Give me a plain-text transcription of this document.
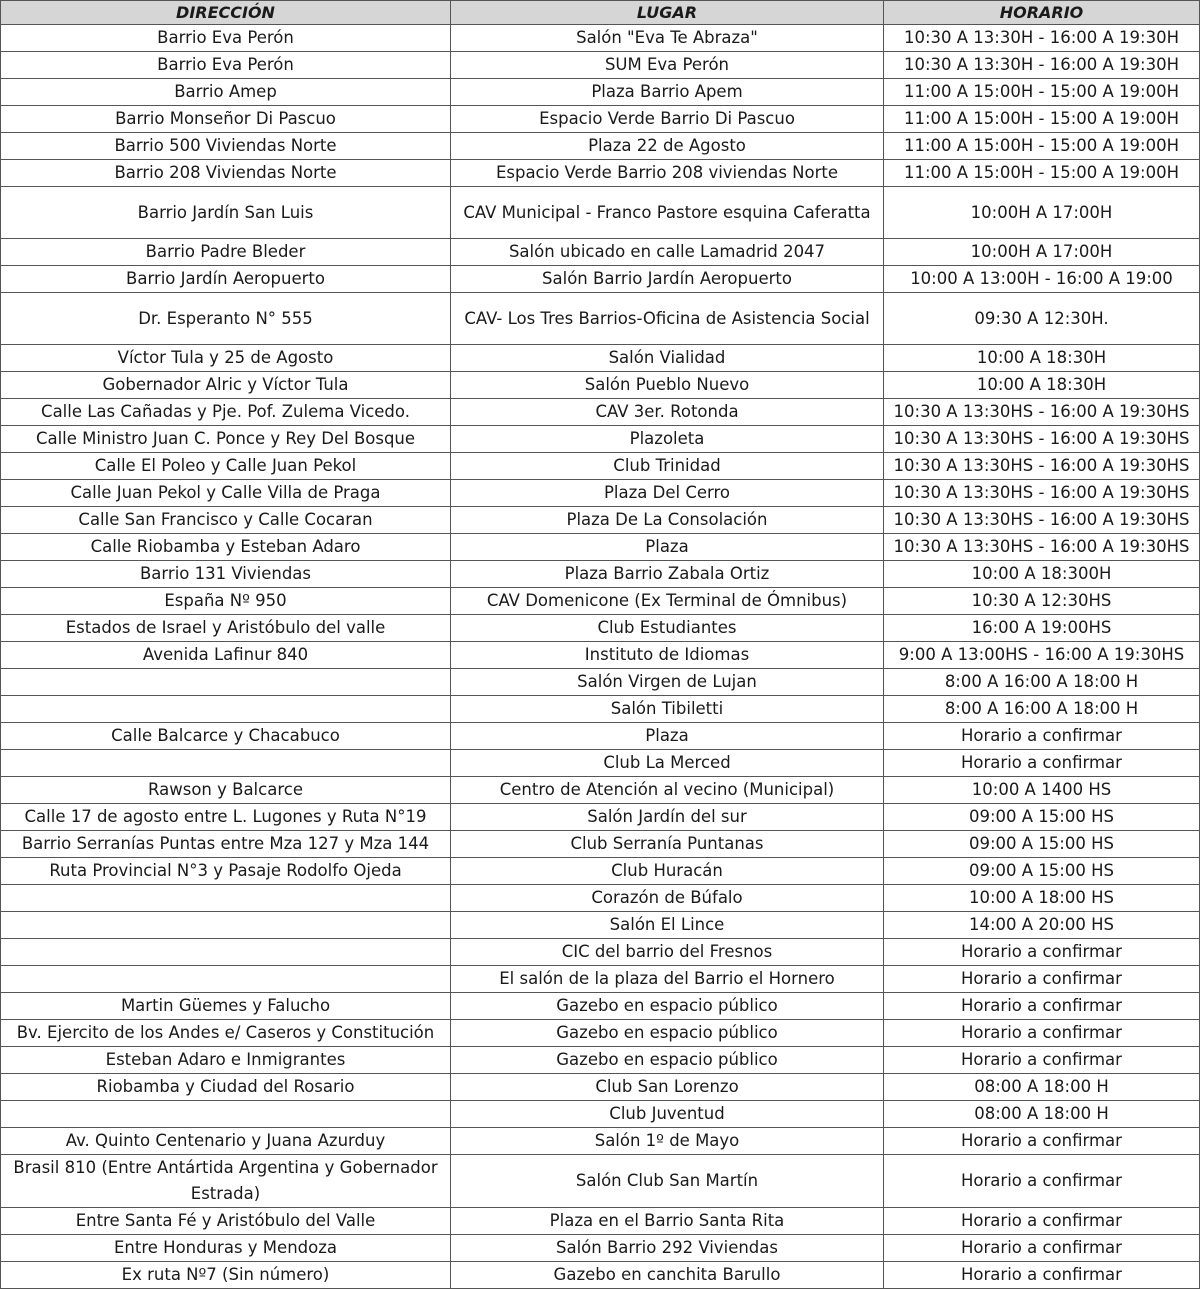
DIRECCIÓN	LUGAR	HORARIO
Barrio Eva Perón	Salón "Eva Te Abraza"	10:30 A 13:30H - 16:00 A 19:30H
Barrio Eva Perón	SUM Eva Perón	10:30 A 13:30H - 16:00 A 19:30H
Barrio Amep	Plaza Barrio Apem	11:00 A 15:00H - 15:00 A 19:00H
Barrio Monseñor Di Pascuo	Espacio Verde Barrio Di Pascuo	11:00 A 15:00H - 15:00 A 19:00H
Barrio 500 Viviendas Norte	Plaza 22 de Agosto	11:00 A 15:00H - 15:00 A 19:00H
Barrio 208 Viviendas Norte	Espacio Verde Barrio 208 viviendas Norte	11:00 A 15:00H - 15:00 A 19:00H
Barrio Jardín San Luis	CAV Municipal - Franco Pastore esquina Caferatta	10:00H A 17:00H
Barrio Padre Bleder	Salón ubicado en calle Lamadrid 2047	10:00H A 17:00H
Barrio Jardín Aeropuerto	Salón Barrio Jardín Aeropuerto	10:00 A 13:00H - 16:00 A 19:00
Dr. Esperanto N° 555	CAV- Los Tres Barrios-Oficina de Asistencia Social	09:30 A 12:30H.
Víctor Tula y 25 de Agosto	Salón Vialidad	10:00 A 18:30H
Gobernador Alric y Víctor Tula	Salón Pueblo Nuevo	10:00 A 18:30H
Calle Las Cañadas y Pje. Pof. Zulema Vicedo.	CAV 3er. Rotonda	10:30 A 13:30HS - 16:00 A 19:30HS
Calle Ministro Juan C. Ponce y Rey Del Bosque	Plazoleta	10:30 A 13:30HS - 16:00 A 19:30HS
Calle El Poleo y Calle Juan Pekol	Club Trinidad	10:30 A 13:30HS - 16:00 A 19:30HS
Calle Juan Pekol y Calle Villa de Praga	Plaza Del Cerro	10:30 A 13:30HS - 16:00 A 19:30HS
Calle San Francisco y Calle Cocaran	Plaza De La Consolación	10:30 A 13:30HS - 16:00 A 19:30HS
Calle Riobamba y Esteban Adaro	Plaza	10:30 A 13:30HS - 16:00 A 19:30HS
Barrio 131 Viviendas	Plaza Barrio Zabala Ortiz	10:00 A 18:300H
España Nº 950	CAV Domenicone (Ex Terminal de Ómnibus)	10:30 A 12:30HS
Estados de Israel y Aristóbulo del valle	Club Estudiantes	16:00 A 19:00HS
Avenida Lafinur 840	Instituto de Idiomas	9:00 A 13:00HS - 16:00 A 19:30HS
	Salón Virgen de Lujan	8:00 A 16:00 A 18:00 H
	Salón Tibiletti	8:00 A 16:00 A 18:00 H
Calle Balcarce y Chacabuco	Plaza	Horario a confirmar
	Club La Merced	Horario a confirmar
Rawson y Balcarce	Centro de Atención al vecino (Municipal)	10:00 A 1400 HS
Calle 17 de agosto entre L. Lugones y Ruta N°19	Salón Jardín del sur	09:00 A 15:00 HS
Barrio Serranías Puntas entre Mza 127 y Mza 144	Club Serranía Puntanas	09:00 A 15:00 HS
Ruta Provincial N°3 y Pasaje Rodolfo Ojeda	Club Huracán	09:00 A 15:00 HS
	Corazón de Búfalo	10:00 A 18:00 HS
	Salón El Lince	14:00 A 20:00 HS
	CIC del barrio del Fresnos	Horario a confirmar
	El salón de la plaza del Barrio el Hornero	Horario a confirmar
Martin Güemes y Falucho	Gazebo en espacio público	Horario a confirmar
Bv. Ejercito de los Andes e/ Caseros y Constitución	Gazebo en espacio público	Horario a confirmar
Esteban Adaro e Inmigrantes	Gazebo en espacio público	Horario a confirmar
Riobamba y Ciudad del Rosario	Club San Lorenzo	08:00 A 18:00 H
	Club Juventud	08:00 A 18:00 H
Av. Quinto Centenario y Juana Azurduy	Salón 1º de Mayo	Horario a confirmar
Brasil 810 (Entre Antártida Argentina y Gobernador Estrada)	Salón Club San Martín	Horario a confirmar
Entre Santa Fé y Aristóbulo del Valle	Plaza en el Barrio Santa Rita	Horario a confirmar
Entre Honduras y Mendoza	Salón Barrio 292 Viviendas	Horario a confirmar
Ex ruta Nº7 (Sin número)	Gazebo en canchita Barullo	Horario a confirmar
